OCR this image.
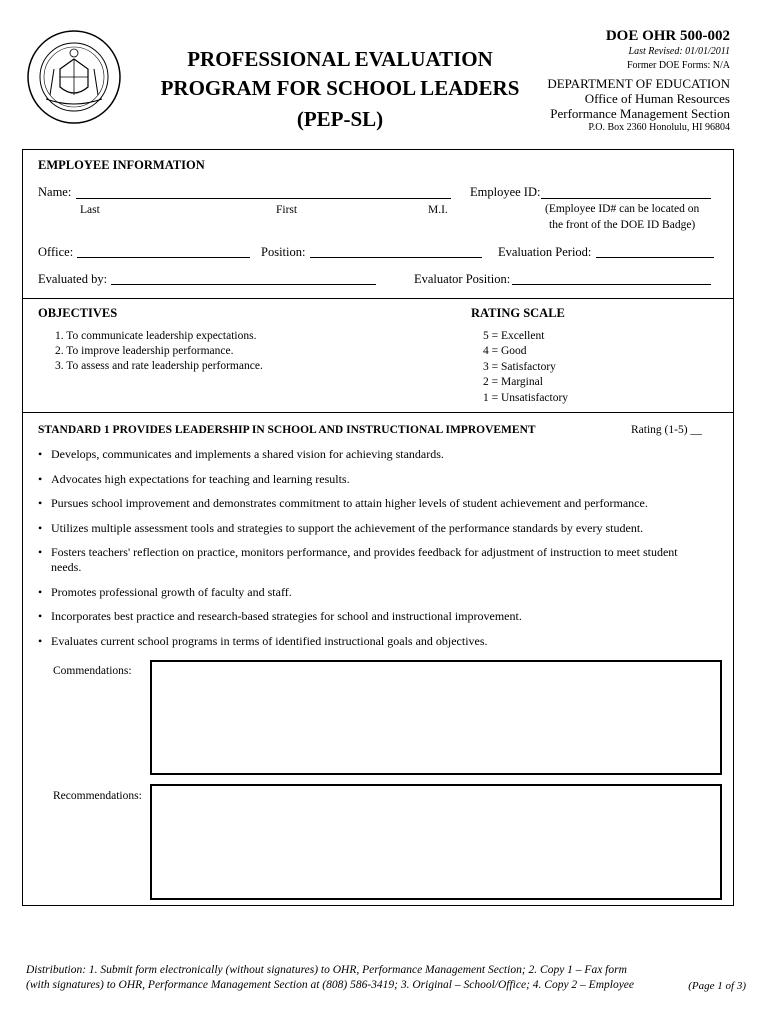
PROFESSIONAL EVALUATION
PROGRAM FOR SCHOOL LEADERS
(PEP-SL)
DOE OHR 500-002
Last Revised: 01/01/2011
Former DOE Forms: N/A
DEPARTMENT OF EDUCATION
Office of Human Resources
Performance Management Section
P.O. Box 2360 Honolulu, HI 96804
EMPLOYEE INFORMATION
Name:
Last	First	M.I.
Employee ID:
(Employee ID# can be located on
the front of the DOE ID Badge)
Office:	Position:	Evaluation Period:
Evaluated by:	Evaluator Position:
OBJECTIVES
1. To communicate leadership expectations.
2. To improve leadership performance.
3. To assess and rate leadership performance.
RATING SCALE
5 = Excellent
4 = Good
3 = Satisfactory
2 = Marginal
1 = Unsatisfactory
STANDARD 1 PROVIDES LEADERSHIP IN SCHOOL AND INSTRUCTIONAL IMPROVEMENT	Rating (1-5) __
• Develops, communicates and implements a shared vision for achieving standards.
• Advocates high expectations for teaching and learning results.
• Pursues school improvement and demonstrates commitment to attain higher levels of student achievement and performance.
• Utilizes multiple assessment tools and strategies to support the achievement of the performance standards by every student.
• Fosters teachers' reflection on practice, monitors performance, and provides feedback for adjustment of instruction to meet student needs.
• Promotes professional growth of faculty and staff.
• Incorporates best practice and research-based strategies for school and instructional improvement.
• Evaluates current school programs in terms of identified instructional goals and objectives.
Commendations:
Recommendations:
Distribution: 1. Submit form electronically (without signatures) to OHR, Performance Management Section; 2. Copy 1 – Fax form
(with signatures) to OHR, Performance Management Section at (808) 586-3419; 3. Original – School/Office; 4. Copy 2 – Employee	(Page 1 of 3)
